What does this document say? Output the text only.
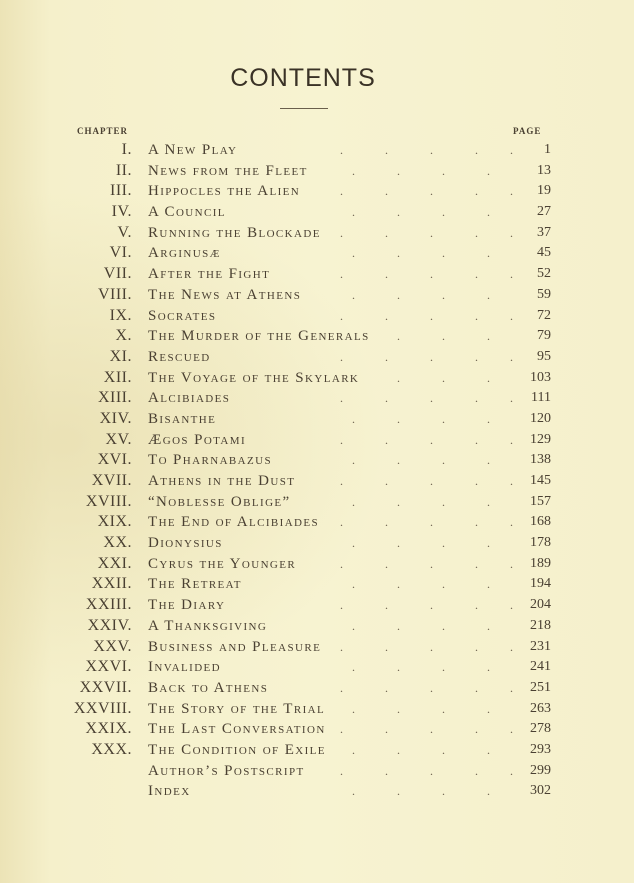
CONTENTS
CHAPTER	PAGE
I. A New Play	1
.	.	.	.	.
II. News from the Fleet	13
.	.	.	.
III. Hippocles the Alien	19
.	.	.	.	.
IV. A Council	27
.	.	.	.
V. Running the Blockade	37
.	.	.	.	.
VI. Arginusæ	45
.	.	.	.
VII. After the Fight	52
.	.	.	.	.
VIII. The News at Athens	59
.	.	.	.
IX. Socrates	72
.	.	.	.	.
X. The Murder of the Generals	79
.	.	.
XI. Rescued	95
.	.	.	.	.
XII. The Voyage of the Skylark	103
.	.	.
XIII. Alcibiades	111
.	.	.	.	.
XIV. Bisanthe	120
.	.	.	.
XV. Ægos Potami	129
.	.	.	.	.
XVI. To Pharnabazus	138
.	.	.	.
XVII. Athens in the Dust	145
.	.	.	.	.
XVIII. “Noblesse Oblige”	157
.	.	.	.
XIX. The End of Alcibiades	168
.	.	.	.	.
XX. Dionysius	178
.	.	.	.
XXI. Cyrus the Younger	189
.	.	.	.	.
XXII. The Retreat	194
.	.	.	.
XXIII. The Diary	204
.	.	.	.	.
XXIV. A Thanksgiving	218
.	.	.	.
XXV. Business and Pleasure	231
.	.	.	.	.
XXVI. Invalided	241
.	.	.	.
XXVII. Back to Athens	251
.	.	.	.	.
XXVIII. The Story of the Trial	263
.	.	.	.
XXIX. The Last Conversation	278
.	.	.	.	.
XXX. The Condition of Exile	293
.	.	.	.
Author’s Postscript	299
.	.	.	.	.
Index	302
.	.	.	.
